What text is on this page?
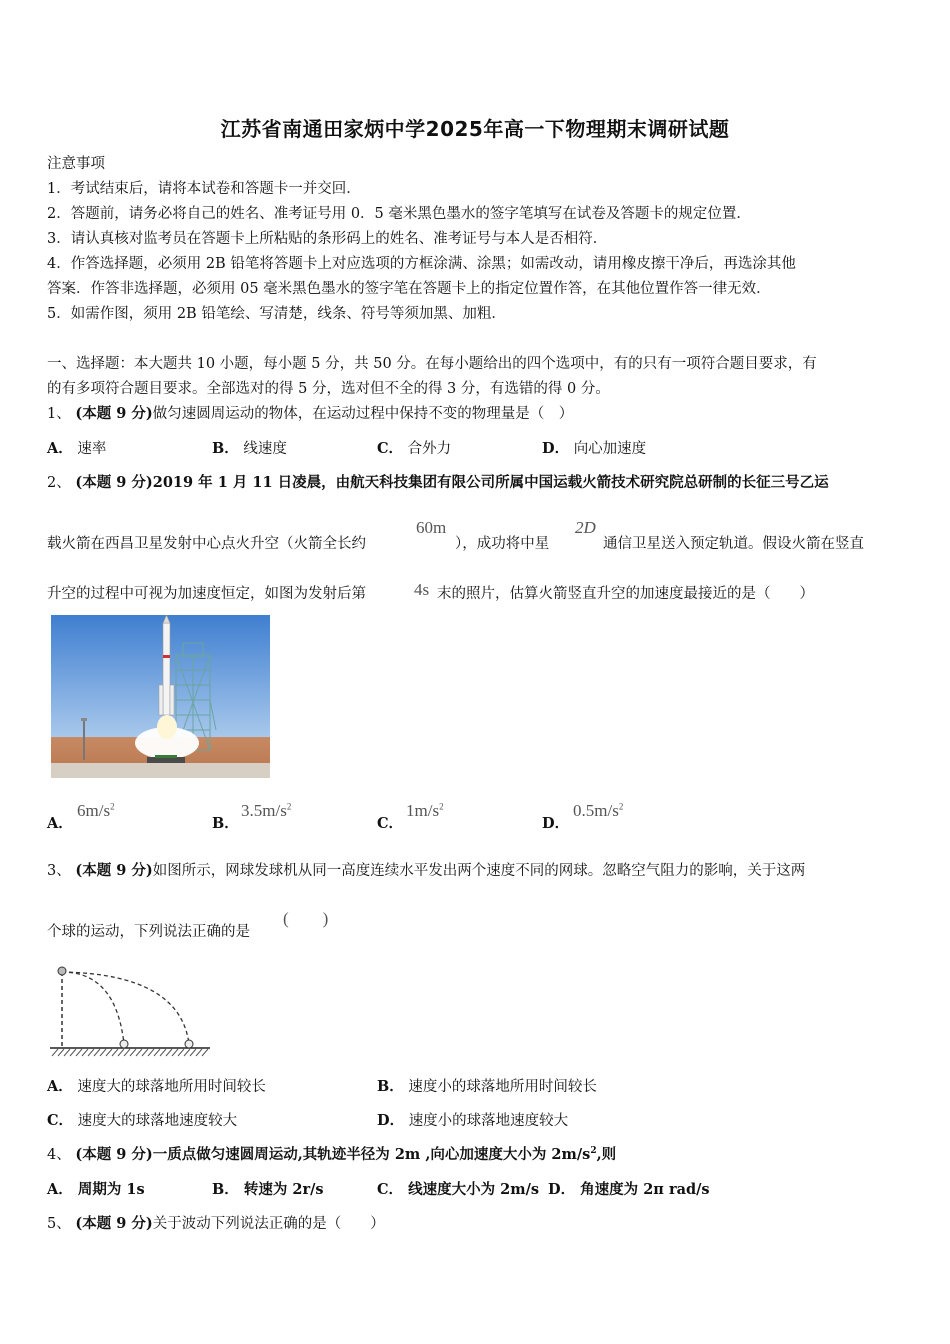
江苏省南通田家炳中学2025年高一下物理期末调研试题
注意事项
1．考试结束后，请将本试卷和答题卡一并交回．
2．答题前，请务必将自己的姓名、准考证号用 0．5 毫米黑色墨水的签字笔填写在试卷及答题卡的规定位置．
3．请认真核对监考员在答题卡上所粘贴的条形码上的姓名、准考证号与本人是否相符．
4．作答选择题，必须用 2B 铅笔将答题卡上对应选项的方框涂满、涂黑；如需改动，请用橡皮擦干净后，再选涂其他
答案．作答非选择题，必须用 05 毫米黑色墨水的签字笔在答题卡上的指定位置作答，在其他位置作答一律无效．
5．如需作图，须用 2B 铅笔绘、写清楚，线条、符号等须加黑、加粗．
一、选择题：本大题共 10 小题，每小题 5 分，共 50 分。在每小题给出的四个选项中，有的只有一项符合题目要求，有
的有多项符合题目要求。全部选对的得 5 分，选对但不全的得 3 分，有选错的得 0 分。
1、 (本题 9 分)做匀速圆周运动的物体，在运动过程中保持不变的物理量是（　）
A． 速率	B． 线速度	C． 合外力	D． 向心加速度
2、 (本题 9 分)2019 年 1 月 11 日凌晨，由航天科技集团有限公司所属中国运载火箭技术研究院总研制的长征三号乙运
载火箭在西昌卫星发射中心点火升空（火箭全长约
60m
），成功将中星
2D
通信卫星送入预定轨道。假设火箭在竖直
升空的过程中可视为加速度恒定，如图为发射后第	4s 末的照片，估算火箭竖直升空的加速度最接近的是（　　）
A．
$6m/s^2$
B．
$3.5m/s^2$
C．
$1m/s^2$
D．
$0.5m/s^2$
3、 (本题 9 分)如图所示，网球发球机从同一高度连续水平发出两个速度不同的网球。忽略空气阻力的影响，关于这两
个球的运动，下列说法正确的是
(　　)
A． 速度大的球落地所用时间较长	B． 速度小的球落地所用时间较长
C． 速度大的球落地速度较大	D． 速度小的球落地速度较大
4、 (本题 9 分)一质点做匀速圆周运动,其轨迹半径为 2m ,向心加速度大小为 $2m/s^2$,则
A． 周期为 1s	B． 转速为 2r/s	C． 线速度大小为 2m/s D． 角速度为 2π rad/s
5、 (本题 9 分)关于波动下列说法正确的是（　　）
